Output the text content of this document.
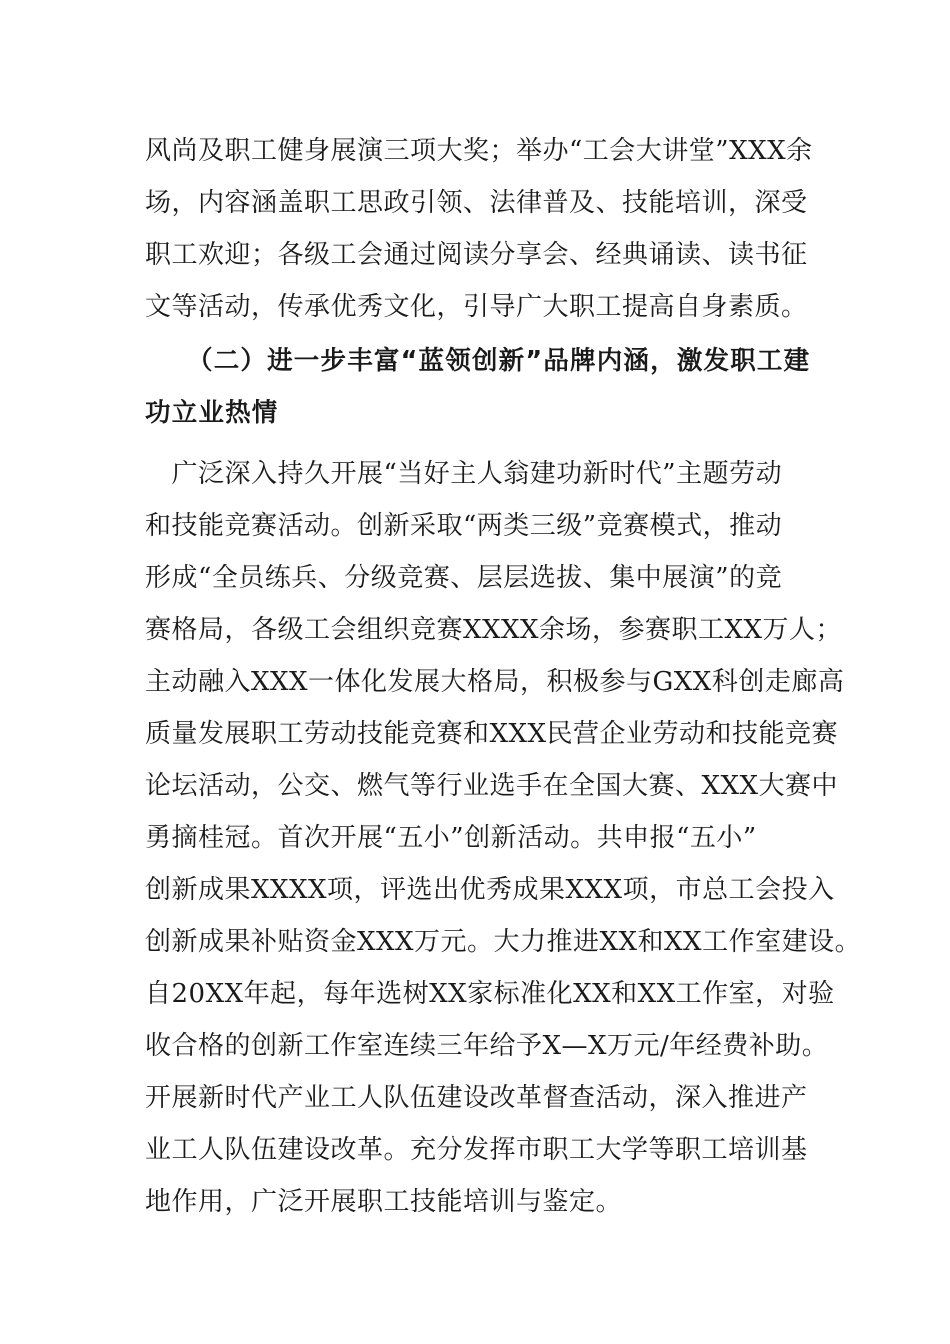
风尚及职工健身展演三项大奖；举办“工会大讲堂”XXX余
场，内容涵盖职工思政引领、法律普及、技能培训，深受
职工欢迎；各级工会通过阅读分享会、经典诵读、读书征
文等活动，传承优秀文化，引导广大职工提高自身素质。
（二）进一步丰富“蓝领创新”品牌内涵，激发职工建
功立业热情
　广泛深入持久开展“当好主人翁建功新时代”主题劳动
和技能竞赛活动。创新采取“两类三级”竞赛模式，推动
形成“全员练兵、分级竞赛、层层选拔、集中展演”的竞
赛格局，各级工会组织竞赛XXXX余场，参赛职工XX万人；
主动融入XXX一体化发展大格局，积极参与GXX科创走廊高
质量发展职工劳动技能竞赛和XXX民营企业劳动和技能竞赛
论坛活动，公交、燃气等行业选手在全国大赛、XXX大赛中
勇摘桂冠。首次开展“五小”创新活动。共申报“五小”
创新成果XXXX项，评选出优秀成果XXX项，市总工会投入
创新成果补贴资金XXX万元。大力推进XX和XX工作室建设。
自20XX年起，每年选树XX家标准化XX和XX工作室，对验
收合格的创新工作室连续三年给予X—X万元/年经费补助。
开展新时代产业工人队伍建设改革督查活动，深入推进产
业工人队伍建设改革。充分发挥市职工大学等职工培训基
地作用，广泛开展职工技能培训与鉴定。
